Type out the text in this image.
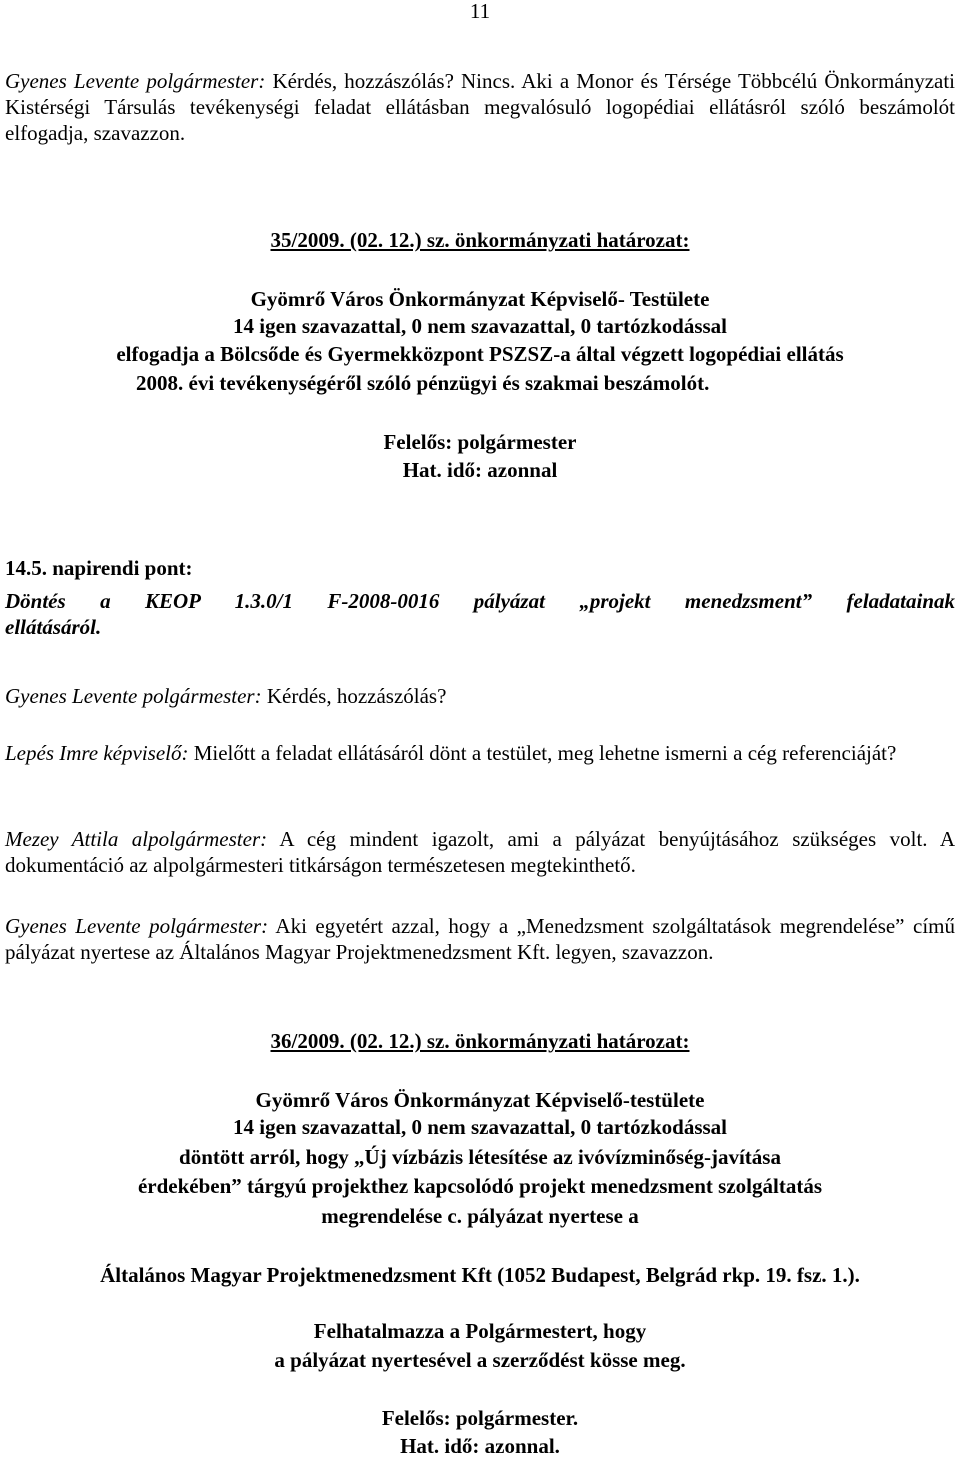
11
Gyenes Levente polgármester: Kérdés, hozzászólás? Nincs. Aki a Monor és Térsége Többcélú Önkormányzati Kistérségi Társulás tevékenységi feladat ellátásban megvalósuló logopédiai ellátásról szóló beszámolót elfogadja, szavazzon.
35/2009. (02. 12.) sz. önkormányzati határozat:
Gyömrő Város Önkormányzat Képviselő- Testülete
14 igen szavazattal, 0 nem szavazattal, 0 tartózkodással
elfogadja a Bölcsőde és Gyermekközpont PSZSZ-a által végzett logopédiai ellátás
2008. évi tevékenységéről szóló pénzügyi és szakmai beszámolót.
Felelős: polgármester
Hat. idő: azonnal
14.5. napirendi pont:
Döntés a KEOP 1.3.0/1 F-2008-0016 pályázat „projekt menedzsment” feladatainak
ellátásáról.
Gyenes Levente polgármester: Kérdés, hozzászólás?
Lepés Imre képviselő: Mielőtt a feladat ellátásáról dönt a testület, meg lehetne ismerni a cég referenciáját?
Mezey Attila alpolgármester: A cég mindent igazolt, ami a pályázat benyújtásához szükséges volt. A dokumentáció az alpolgármesteri titkárságon természetesen megtekinthető.
Gyenes Levente polgármester: Aki egyetért azzal, hogy a „Menedzsment szolgáltatások megrendelése” című pályázat nyertese az Általános Magyar Projektmenedzsment Kft. legyen, szavazzon.
36/2009. (02. 12.) sz. önkormányzati határozat:
Gyömrő Város Önkormányzat Képviselő-testülete
14 igen szavazattal, 0 nem szavazattal, 0 tartózkodással
döntött arról, hogy „Új vízbázis létesítése az ivóvízminőség-javítása
érdekében” tárgyú projekthez kapcsolódó projekt menedzsment szolgáltatás
megrendelése c. pályázat nyertese a
Általános Magyar Projektmenedzsment Kft (1052 Budapest, Belgrád rkp. 19. fsz. 1.).
Felhatalmazza a Polgármestert, hogy
a pályázat nyertesével a szerződést kösse meg.
Felelős: polgármester.
Hat. idő: azonnal.
